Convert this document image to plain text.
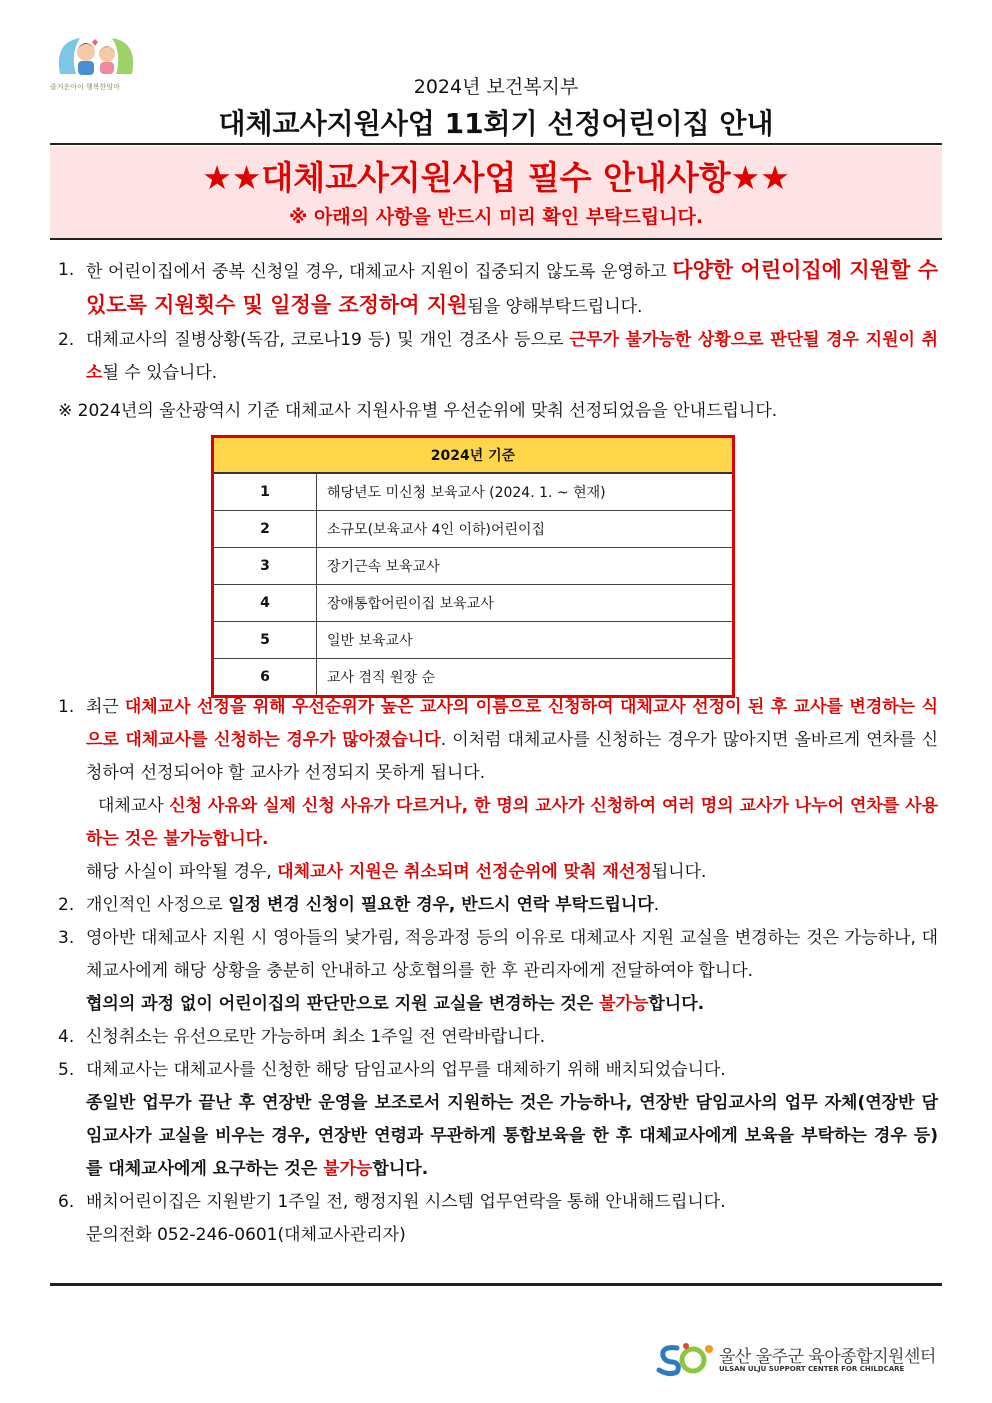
즐거운아이 행복한엄마	2024년 보건복지부
대체교사지원사업 11회기 선정어린이집 안내
★★대체교사지원사업 필수 안내사항★★
※ 아래의 사항을 반드시 미리 확인 부탁드립니다.
1. 한 어린이집에서 중복 신청일 경우, 대체교사 지원이 집중되지 않도록 운영하고 다양한 어린이집에 지원할 수 있도록 지원횟수 및 일정을 조정하여 지원됨을 양해부탁드립니다.
2. 대체교사의 질병상황(독감, 코로나19 등) 및 개인 경조사 등으로 근무가 불가능한 상황으로 판단될 경우 지원이 취소될 수 있습니다.
※ 2024년의 울산광역시 기준 대체교사 지원사유별 우선순위에 맞춰 선정되었음을 안내드립니다.
2024년 기준	
1	해당년도 미신청 보육교사 (2024. 1. ~ 현재)
2	소규모(보육교사 4인 이하)어린이집
3	장기근속 보육교사
4	장애통합어린이집 보육교사
5	일반 보육교사
6	교사 겸직 원장 순
1. 최근 대체교사 선정을 위해 우선순위가 높은 교사의 이름으로 신청하여 대체교사 선정이 된 후 교사를 변경하는 식으로 대체교사를 신청하는 경우가 많아졌습니다. 이처럼 대체교사를 신청하는 경우가 많아지면 올바르게 연차를 신청하여 선정되어야 할 교사가 선정되지 못하게 됩니다.
대체교사 신청 사유와 실제 신청 사유가 다르거나, 한 명의 교사가 신청하여 여러 명의 교사가 나누어 연차를 사용하는 것은 불가능합니다.
해당 사실이 파악될 경우, 대체교사 지원은 취소되며 선정순위에 맞춰 재선정됩니다.
2. 개인적인 사정으로 일정 변경 신청이 필요한 경우, 반드시 연락 부탁드립니다.
3. 영아반 대체교사 지원 시 영아들의 낯가림, 적응과정 등의 이유로 대체교사 지원 교실을 변경하는 것은 가능하나, 대체교사에게 해당 상황을 충분히 안내하고 상호협의를 한 후 관리자에게 전달하여야 합니다.
협의의 과정 없이 어린이집의 판단만으로 지원 교실을 변경하는 것은 불가능합니다.
4. 신청취소는 유선으로만 가능하며 최소 1주일 전 연락바랍니다.
5. 대체교사는 대체교사를 신청한 해당 담임교사의 업무를 대체하기 위해 배치되었습니다.
종일반 업무가 끝난 후 연장반 운영을 보조로서 지원하는 것은 가능하나, 연장반 담임교사의 업무 자체(연장반 담임교사가 교실을 비우는 경우, 연장반 연령과 무관하게 통합보육을 한 후 대체교사에게 보육을 부탁하는 경우 등)를 대체교사에게 요구하는 것은 불가능합니다.
6. 배치어린이집은 지원받기 1주일 전, 행정지원 시스템 업무연락을 통해 안내해드립니다.
문의전화 052-246-0601(대체교사관리자)
울산 울주군 육아종합지원센터
ULSAN ULJU SUPPORT CENTER FOR CHILDCARE
